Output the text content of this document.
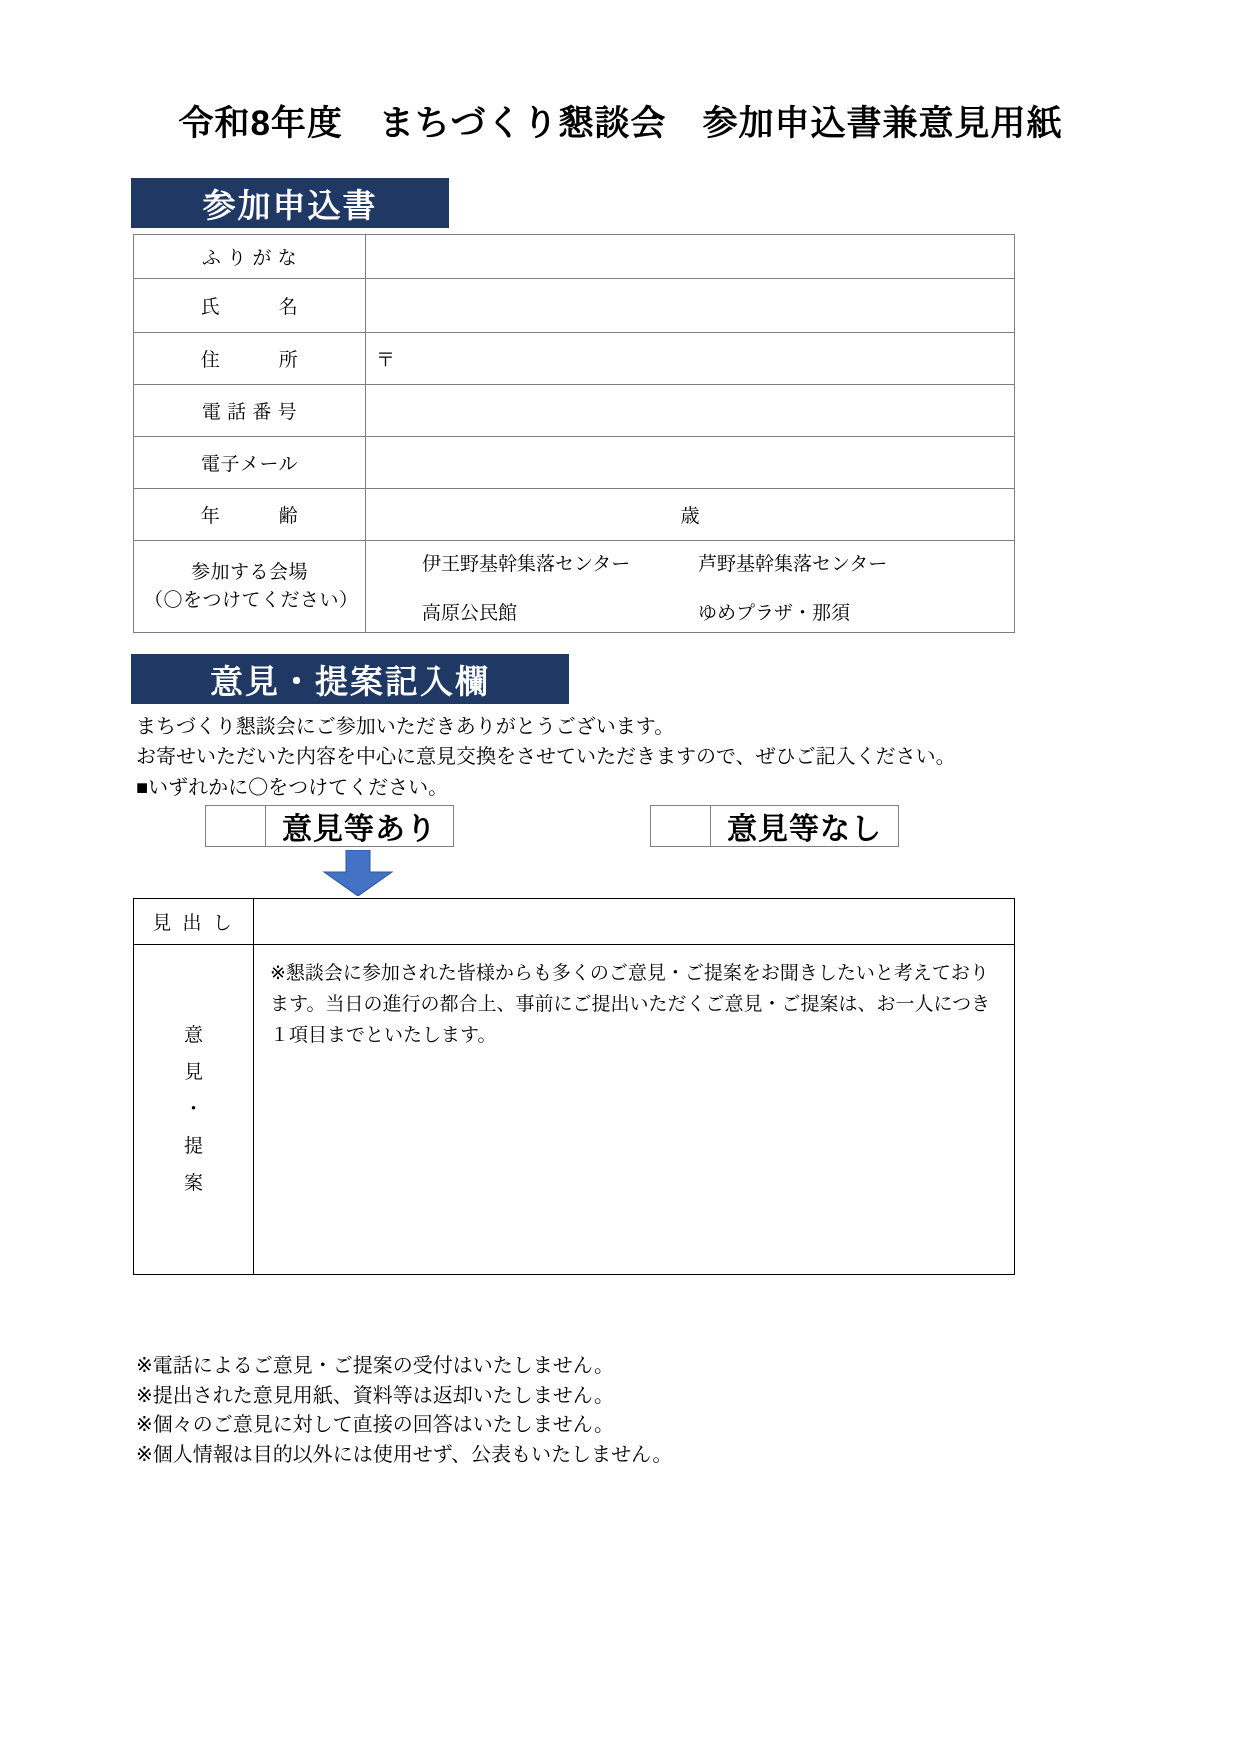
令和8年度　まちづくり懇談会　参加申込書兼意見用紙
参加申込書
ふ り が な	
氏　　　名	
住　　　所	〒
電 話 番 号	
電子メール	
年　　　齢	歳

参加する会場
（〇をつけてください）

伊王野基幹集落センター	芦野基幹集落センター
高原公民館	ゆめプラザ・那須
意見・提案記入欄
まちづくり懇談会にご参加いただきありがとうございます。
お寄せいただいた内容を中心に意見交換をさせていただきますので、ぜひご記入ください。
■いずれかに〇をつけてください。
意見等あり	意見等なし
見 出 し	

意
見
・
提
案	※懇談会に参加された皆様からも多くのご意見・ご提案をお聞きしたいと考えております。当日の進行の都合上、事前にご提出いただくご意見・ご提案は、お一人につき１項目までといたします。

※電話によるご意見・ご提案の受付はいたしません。
※提出された意見用紙、資料等は返却いたしません。
※個々のご意見に対して直接の回答はいたしません。
※個人情報は目的以外には使用せず、公表もいたしません。
